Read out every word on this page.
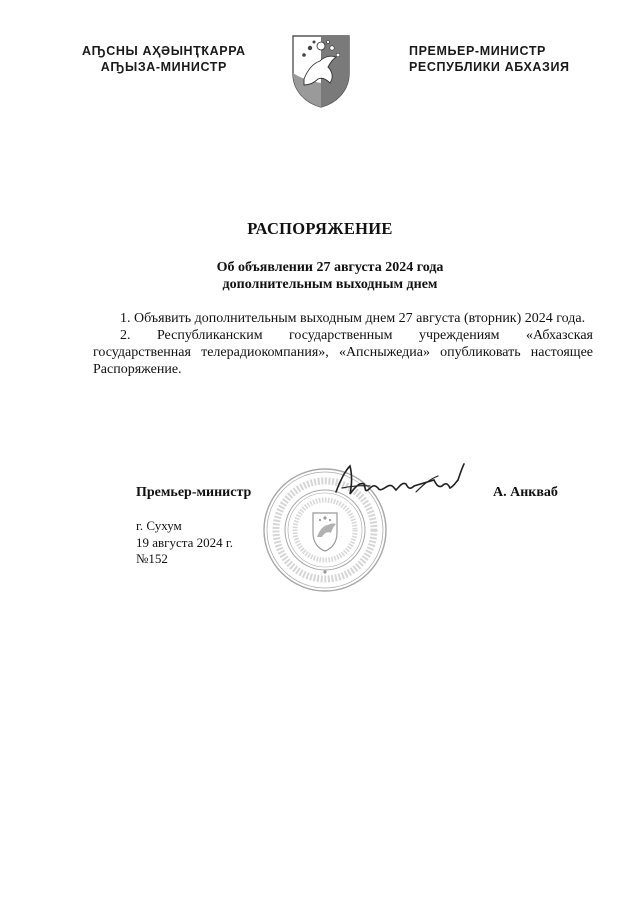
АҦСНЫ АҲӘЫНҬҞАРРА
АҦЫЗА-МИНИСТР
ПРЕМЬЕР-МИНИСТР
РЕСПУБЛИКИ АБХАЗИЯ
РАСПОРЯЖЕНИЕ
Об объявлении 27 августа 2024 года
дополнительным выходным днем

1. Объявить дополнительным выходным днем 27 августа (вторник) 2024 года.

2. Республиканским государственным учреждениям «Абхазская государственная телерадиокомпания», «Апсныжедиа» опубликовать настоящее Распоряжение.

Премьер-министр	А. Анкваб
г. Сухум
19 августа 2024 г.
№152
